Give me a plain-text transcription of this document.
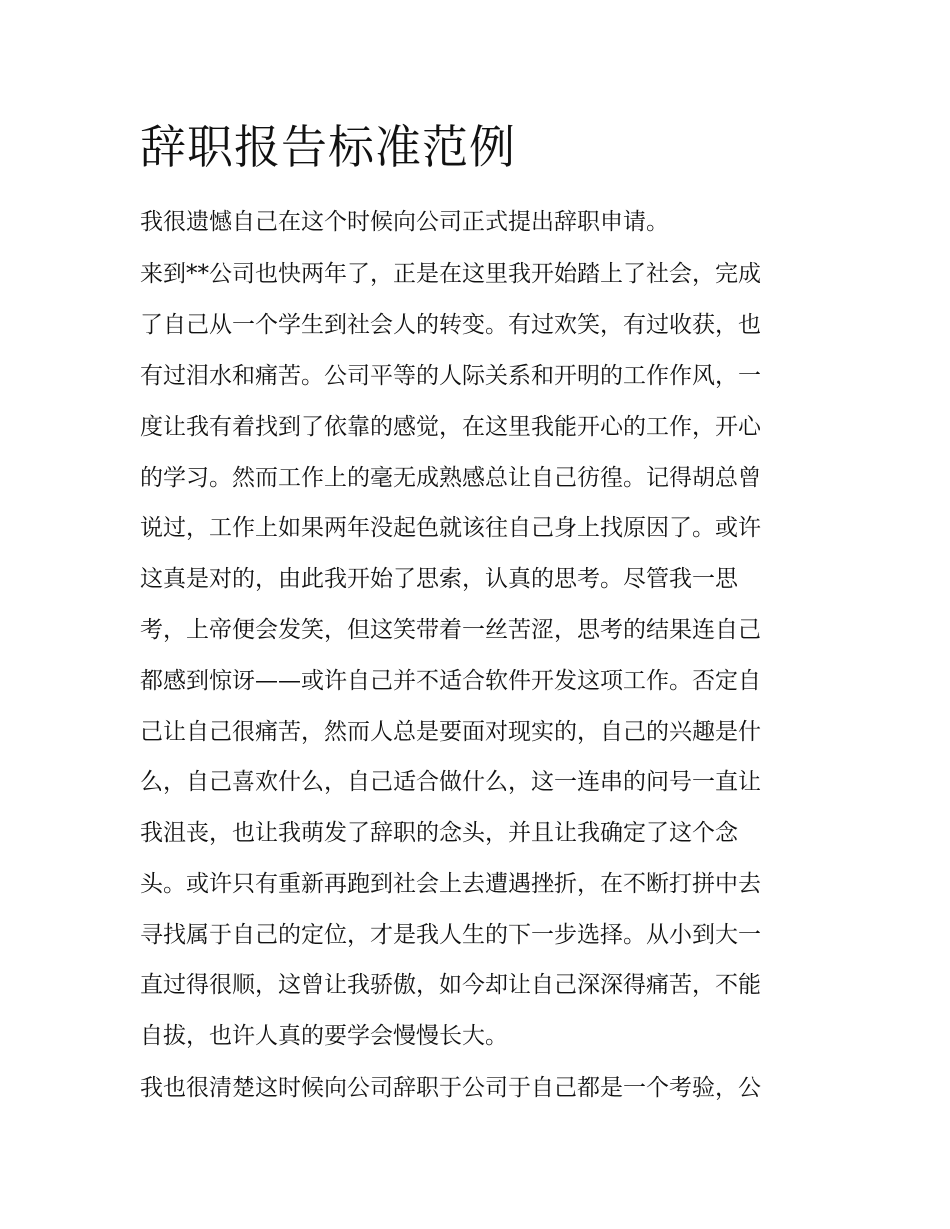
辞职报告标准范例
我很遗憾自己在这个时候向公司正式提出辞职申请。
来到**公司也快两年了，正是在这里我开始踏上了社会，完成
了自己从一个学生到社会人的转变。有过欢笑，有过收获，也
有过泪水和痛苦。公司平等的人际关系和开明的工作作风，一
度让我有着找到了依靠的感觉，在这里我能开心的工作，开心
的学习。然而工作上的毫无成熟感总让自己彷徨。记得胡总曾
说过，工作上如果两年没起色就该往自己身上找原因了。或许
这真是对的，由此我开始了思索，认真的思考。尽管我一思
考，上帝便会发笑，但这笑带着一丝苦涩，思考的结果连自己
都感到惊讶——或许自己并不适合软件开发这项工作。否定自
己让自己很痛苦，然而人总是要面对现实的，自己的兴趣是什
么，自己喜欢什么，自己适合做什么，这一连串的问号一直让
我沮丧，也让我萌发了辞职的念头，并且让我确定了这个念
头。或许只有重新再跑到社会上去遭遇挫折，在不断打拼中去
寻找属于自己的定位，才是我人生的下一步选择。从小到大一
直过得很顺，这曾让我骄傲，如今却让自己深深得痛苦，不能
自拔，也许人真的要学会慢慢长大。
我也很清楚这时候向公司辞职于公司于自己都是一个考验，公
